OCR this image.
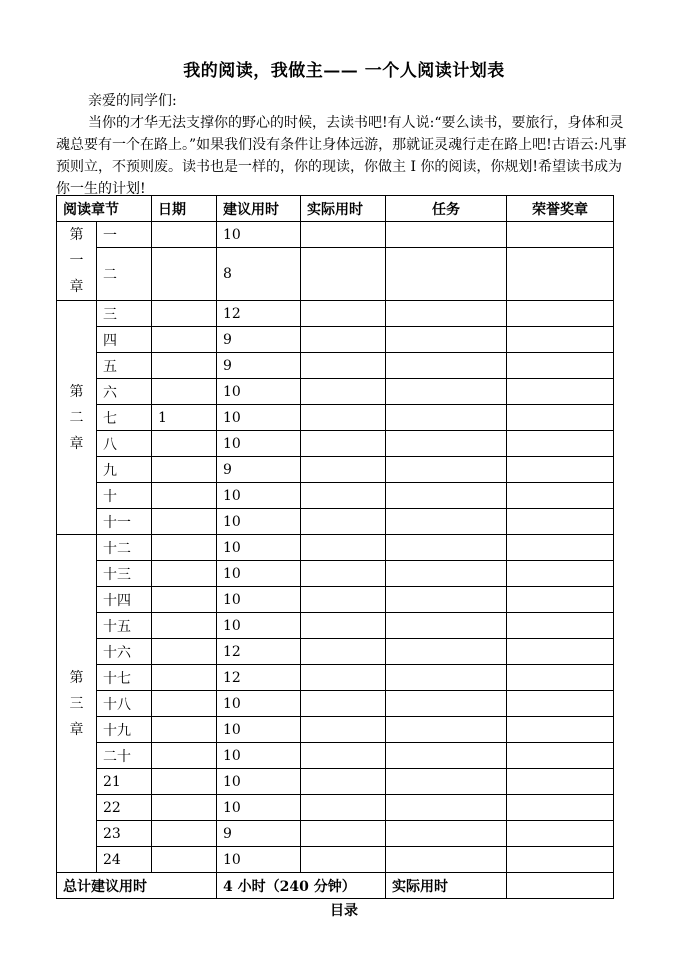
我的阅读，我做主—— 一个人阅读计划表
亲爱的同学们:
当你的才华无法支撑你的野心的时候，去读书吧!有人说:“要么读书，要旅行，身体和灵魂总要有一个在路上。”如果我们没有条件让身体远游，那就证灵魂行走在路上吧!古语云:凡事预则立，不预则废。读书也是一样的，你的现读，你做主 I 你的阅读，你规划!希望读书成为你一生的计划!
阅读章节		日期	建议用时	实际用时	任务	荣誉奖章

第
一
章	一		10			
	二		8			

第
二
章	三		12			
	四		9			
	五		9			
	六		10			
	七	1	10			
	八		10			
	九		9			
	十		10			
	十一		10			

第
三
章	十二		10			
	十三		10			
	十四		10			
	十五		10			
	十六		12			
	十七		12			
	十八		10			
	十九		10			
	二十		10			
	21		10			
	22		10			
	23		9			
	24		10			
总计建议用时			4 小时（240 分钟）		实际用时	
目录
